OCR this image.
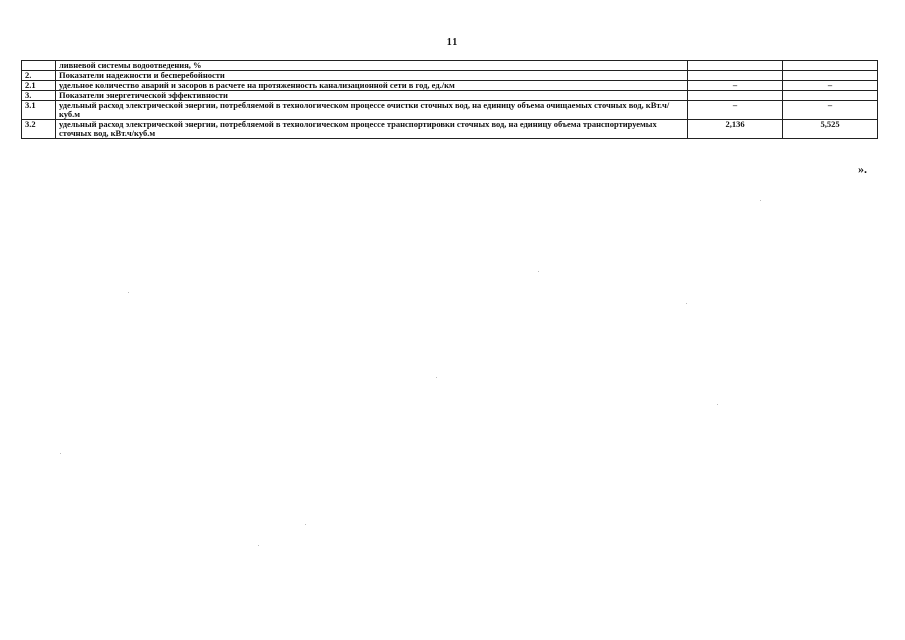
11
	ливневой системы водоотведения, %		
2.	Показатели надежности и бесперебойности		
2.1	удельное количество аварий и засоров в расчете на протяженность канализационной сети в год, ед./км	–	–
3.	Показатели энергетической эффективности		
3.1	удельный расход электрической энергии, потребляемой в технологическом процессе очистки сточных вод, на единицу объема очищаемых сточных вод, кВт.ч/куб.м	–	–
3.2	удельный расход электрической энергии, потребляемой в технологическом процессе транспортировки сточных вод, на единицу объема транспортируемых сточных вод, кВт.ч/куб.м	2,136	5,525
».
